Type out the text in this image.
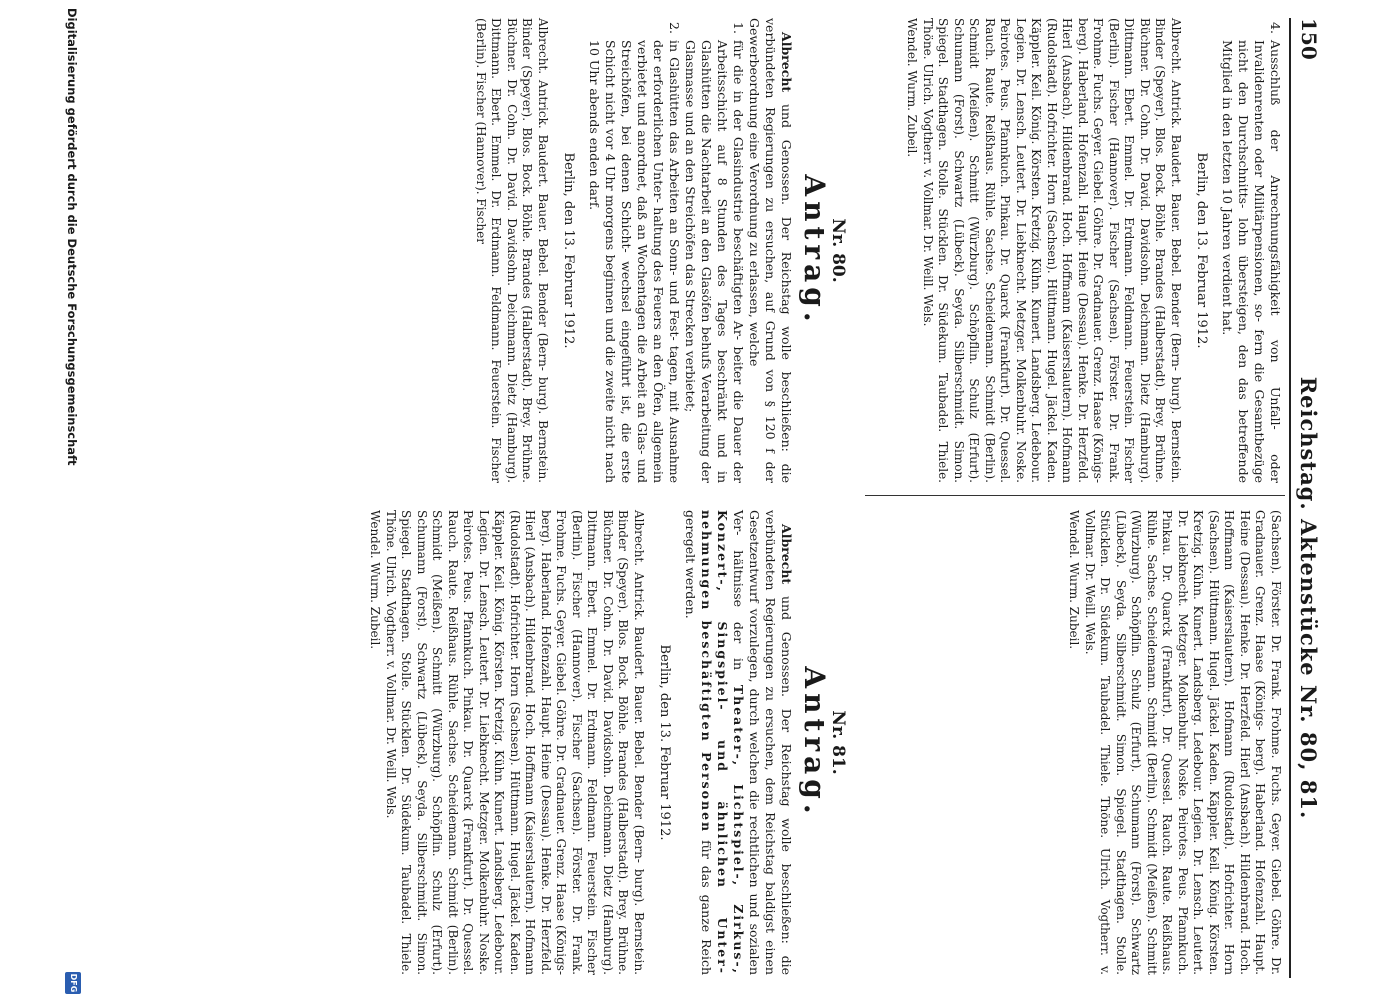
150
Reichstag. Aktenstücke Nr. 80, 81.
4.
Ausschluß der Anrechnungsfähigkeit von Unfall- oder Invalidenrenten oder Militärpensionen, so- fern die Gesamtbezüge nicht den Durchschnitts- lohn übersteigen, den das betreffende Mitglied in den letzten 10 Jahren verdient hat.
Berlin, den 13. Februar 1912.
Albrecht. Antrick. Baudert. Bauer. Bebel. Bender (Bern- burg). Bernstein. Binder (Speyer). Blos. Bock. Böhle. Brandes (Halberstadt). Brey. Brühne. Büchner. Dr. Cohn. Dr. David. Davidsohn. Deichmann. Dietz (Hamburg). Dittmann. Ebert. Emmel. Dr. Erdmann. Feldmann. Feuerstein. Fischer (Berlin). Fischer (Hannover). Fischer (Sachsen). Förster. Dr. Frank. Frohme. Fuchs. Geyer. Giebel. Göhre. Dr. Gradnauer. Grenz. Haase (Königs- berg). Haberland. Hofenzahl. Haupt. Heine (Dessau). Henke. Dr. Herzfeld. Hierl (Ansbach). Hildenbrand. Hoch. Hoffmann (Kaiserslautern). Hofmann (Rudolstadt). Hofrichter. Horn (Sachsen). Hüttmann. Hugel. Jäckel. Kaden. Käppler. Keil. König. Körsten. Kretzig. Kühn. Kunert. Landsberg. Ledebour. Legien. Dr. Lensch. Leutert. Dr. Liebknecht. Metzger. Molkenbuhr. Noske. Peirotes. Peus. Pfannkuch. Pinkau. Dr. Quarck (Frankfurt). Dr. Quessel. Rauch. Raute. Reißhaus. Rühle. Sachse. Scheidemann. Schmidt (Berlin). Schmidt (Meißen). Schmitt (Würzburg). Schöpflin. Schulz (Erfurt). Schumann (Forst). Schwartz (Lübeck). Seyda. Silberschmidt. Simon. Spiegel. Stadthagen. Stolle. Stücklen. Dr. Südekum. Taubadel. Thiele. Thöne. Ulrich. Vogtherr. v. Vollmar. Dr. Weill. Wels.
Wendel. Wurm. Zubeil.
(Sachsen). Förster. Dr. Frank. Frohme. Fuchs. Geyer. Giebel. Göhre. Dr. Gradnauer. Grenz. Haase (Königs- berg). Haberland. Hofenzahl. Haupt. Heine (Dessau). Henke. Dr. Herzfeld. Hierl (Ansbach). Hildenbrand. Hoch. Hoffmann (Kaiserslautern). Hofmann (Rudolstadt). Hofrichter. Horn (Sachsen). Hüttmann. Hugel. Jäckel. Kaden. Käppler. Keil. König. Körsten. Kretzig. Kühn. Kunert. Landsberg. Ledebour. Legien. Dr. Lensch. Leutert. Dr. Liebknecht. Metzger. Molkenbuhr. Noske. Peirotes. Peus. Pfannkuch. Pinkau. Dr. Quarck (Frankfurt). Dr. Quessel. Rauch. Raute. Reißhaus. Rühle. Sachse. Scheidemann. Schmidt (Berlin). Schmidt (Meißen). Schmitt (Würzburg). Schöpflin. Schulz (Erfurt). Schumann (Forst). Schwartz (Lübeck). Seyda. Silberschmidt. Simon. Spiegel. Stadthagen. Stolle. Stücklen. Dr. Südekum. Taubadel. Thiele. Thöne. Ulrich. Vogtherr. v. Vollmar. Dr. Weill. Wels.
Wendel. Wurm. Zubeil.
Nr. 80.
Antrag.
Albrecht und Genossen. Der Reichstag wolle beschließen: die verbündeten Regierungen zu ersuchen, auf Grund von § 120 f der Gewerbeordnung eine Verordnung zu erlassen, welche
1.
für die in der Glasindustrie beschäftigten Ar- beiter die Dauer der Arbeitsschicht auf 8 Stunden des Tages beschränkt und in Glashütten die Nachtarbeit an den Glasöfen behufs Verarbeitung der Glasmasse und an den Streichöfen das Strecken verbietet;
2.
in Glashütten das Arbeiten an Sonn- und Fest- tagen, mit Ausnahme der erforderlichen Unter- haltung des Feuers an den Öfen, allgemein verbietet und anordnet, daß an Wochentagen die Arbeit an Glas- und Streichöfen, bei denen Schicht- wechsel eingeführt ist, die erste Schicht nicht vor 4 Uhr morgens beginnen und die zweite nicht nach 10 Uhr abends enden darf.
Berlin, den 13. Februar 1912.
Albrecht. Antrick. Baudert. Bauer. Bebel. Bender (Bern- burg). Bernstein. Binder (Speyer). Blos. Bock. Böhle. Brandes (Halberstadt). Brey. Brühne. Büchner. Dr. Cohn. Dr. David. Davidsohn. Deichmann. Dietz (Hamburg). Dittmann. Ebert. Emmel. Dr. Erdmann. Feldmann. Feuerstein. Fischer (Berlin). Fischer (Hannover). Fischer
Nr. 81.
Antrag.
Albrecht und Genossen. Der Reichstag wolle beschließen: die verbündeten Regierungen zu ersuchen, dem Reichstag baldigst einen Gesetzentwurf vorzulegen, durch welchen die rechtlichen und sozialen Ver- hältnisse der in Theater-, Lichtspiel-, Zirkus-, Konzert-, Singspiel- und ähnlichen Unter- nehmungen beschäftigten Personen für das ganze Reich geregelt werden.
Berlin, den 13. Februar 1912.
Albrecht. Antrick. Baudert. Bauer. Bebel. Bender (Bern- burg). Bernstein. Binder (Speyer). Blos. Bock. Böhle. Brandes (Halberstadt). Brey. Brühne. Büchner. Dr. Cohn. Dr. David. Davidsohn. Deichmann. Dietz (Hamburg). Dittmann. Ebert. Emmel. Dr. Erdmann. Feldmann. Feuerstein. Fischer (Berlin). Fischer (Hannover). Fischer (Sachsen). Förster. Dr. Frank. Frohme. Fuchs. Geyer. Giebel. Göhre. Dr. Gradnauer. Grenz. Haase (Königs- berg). Haberland. Hofenzahl. Haupt. Heine (Dessau). Henke. Dr. Herzfeld. Hierl (Ansbach). Hildenbrand. Hoch. Hoffmann (Kaiserslautern). Hofmann (Rudolstadt). Hofrichter. Horn (Sachsen). Hüttmann. Hugel. Jäckel. Kaden. Käppler. Keil. König. Körsten. Kretzig. Kühn. Kunert. Landsberg. Ledebour. Legien. Dr. Lensch. Leutert. Dr. Liebknecht. Metzger. Molkenbuhr. Noske. Peirotes. Peus. Pfannkuch. Pinkau. Dr. Quarck (Frankfurt). Dr. Quessel. Rauch. Raute. Reißhaus. Rühle. Sachse. Scheidemann. Schmidt (Berlin). Schmidt (Meißen). Schmitt (Würzburg). Schöpflin. Schulz (Erfurt). Schumann (Forst). Schwartz (Lübeck). Seyda. Silberschmidt. Simon. Spiegel. Stadthagen. Stolle. Stücklen. Dr. Südekum. Taubadel. Thiele. Thöne. Ulrich. Vogtherr. v. Vollmar. Dr. Weill. Wels.
Wendel. Wurm. Zubeil.
Digitalisierung gefördert durch die Deutsche Forschungsgemeinschaft
DFG
